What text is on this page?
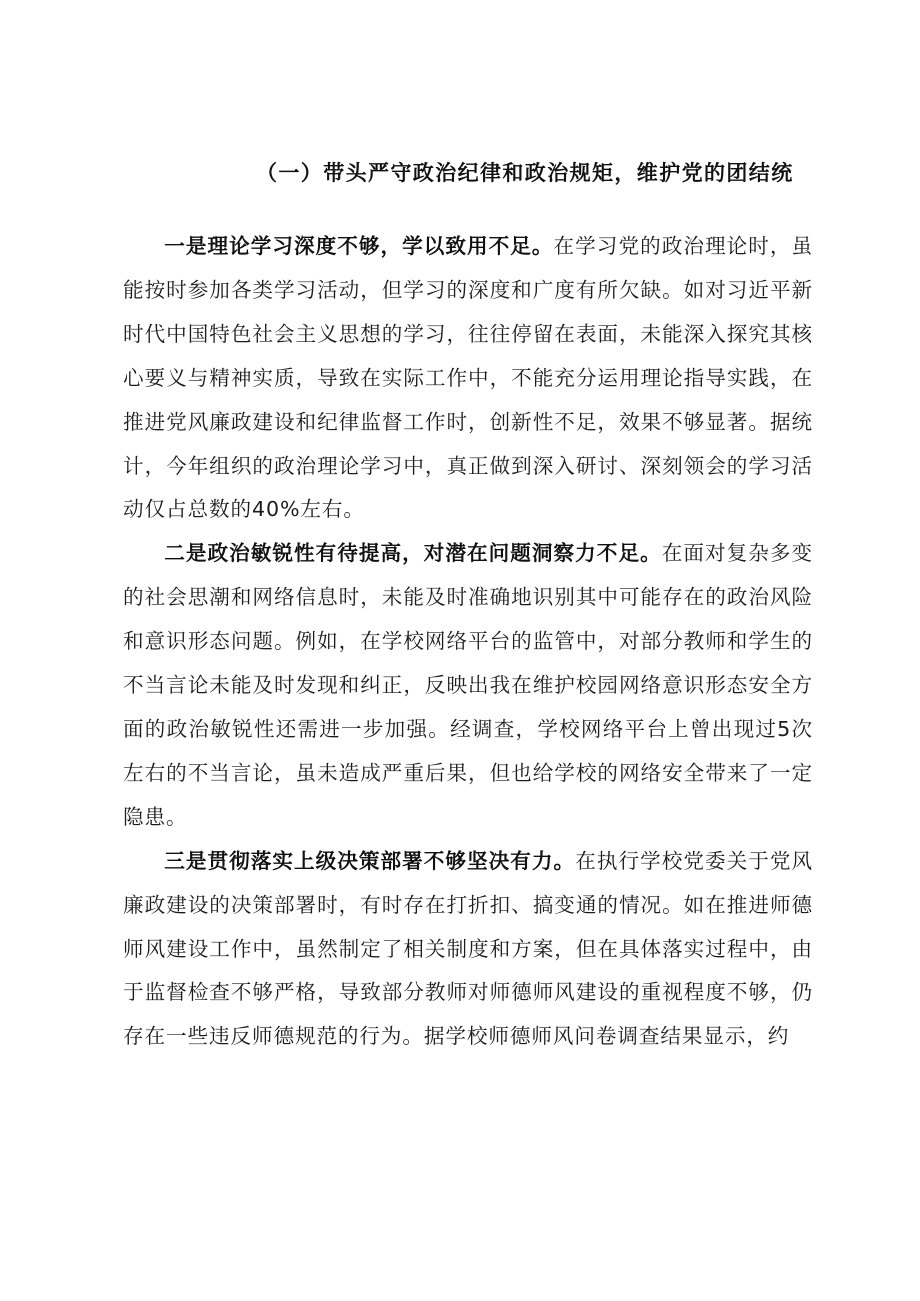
（一）带头严守政治纪律和政治规矩，维护党的团结统

一是理论学习深度不够，学以致用不足。在学习党的政治理论时，虽能按时参加各类学习活动，但学习的深度和广度有所欠缺。如对习近平新时代中国特色社会主义思想的学习，往往停留在表面，未能深入探究其核心要义与精神实质，导致在实际工作中，不能充分运用理论指导实践，在推进党风廉政建设和纪律监督工作时，创新性不足，效果不够显著。据统计，今年组织的政治理论学习中，真正做到深入研讨、深刻领会的学习活动仅占总数的40%左右。

二是政治敏锐性有待提高，对潜在问题洞察力不足。在面对复杂多变的社会思潮和网络信息时，未能及时准确地识别其中可能存在的政治风险和意识形态问题。例如，在学校网络平台的监管中，对部分教师和学生的不当言论未能及时发现和纠正，反映出我在维护校园网络意识形态安全方面的政治敏锐性还需进一步加强。经调查，学校网络平台上曾出现过5次左右的不当言论，虽未造成严重后果，但也给学校的网络安全带来了一定隐患。

三是贯彻落实上级决策部署不够坚决有力。在执行学校党委关于党风廉政建设的决策部署时，有时存在打折扣、搞变通的情况。如在推进师德师风建设工作中，虽然制定了相关制度和方案，但在具体落实过程中，由于监督检查不够严格，导致部分教师对师德师风建设的重视程度不够，仍存在一些违反师德规范的行为。据学校师德师风问卷调查结果显示，约
